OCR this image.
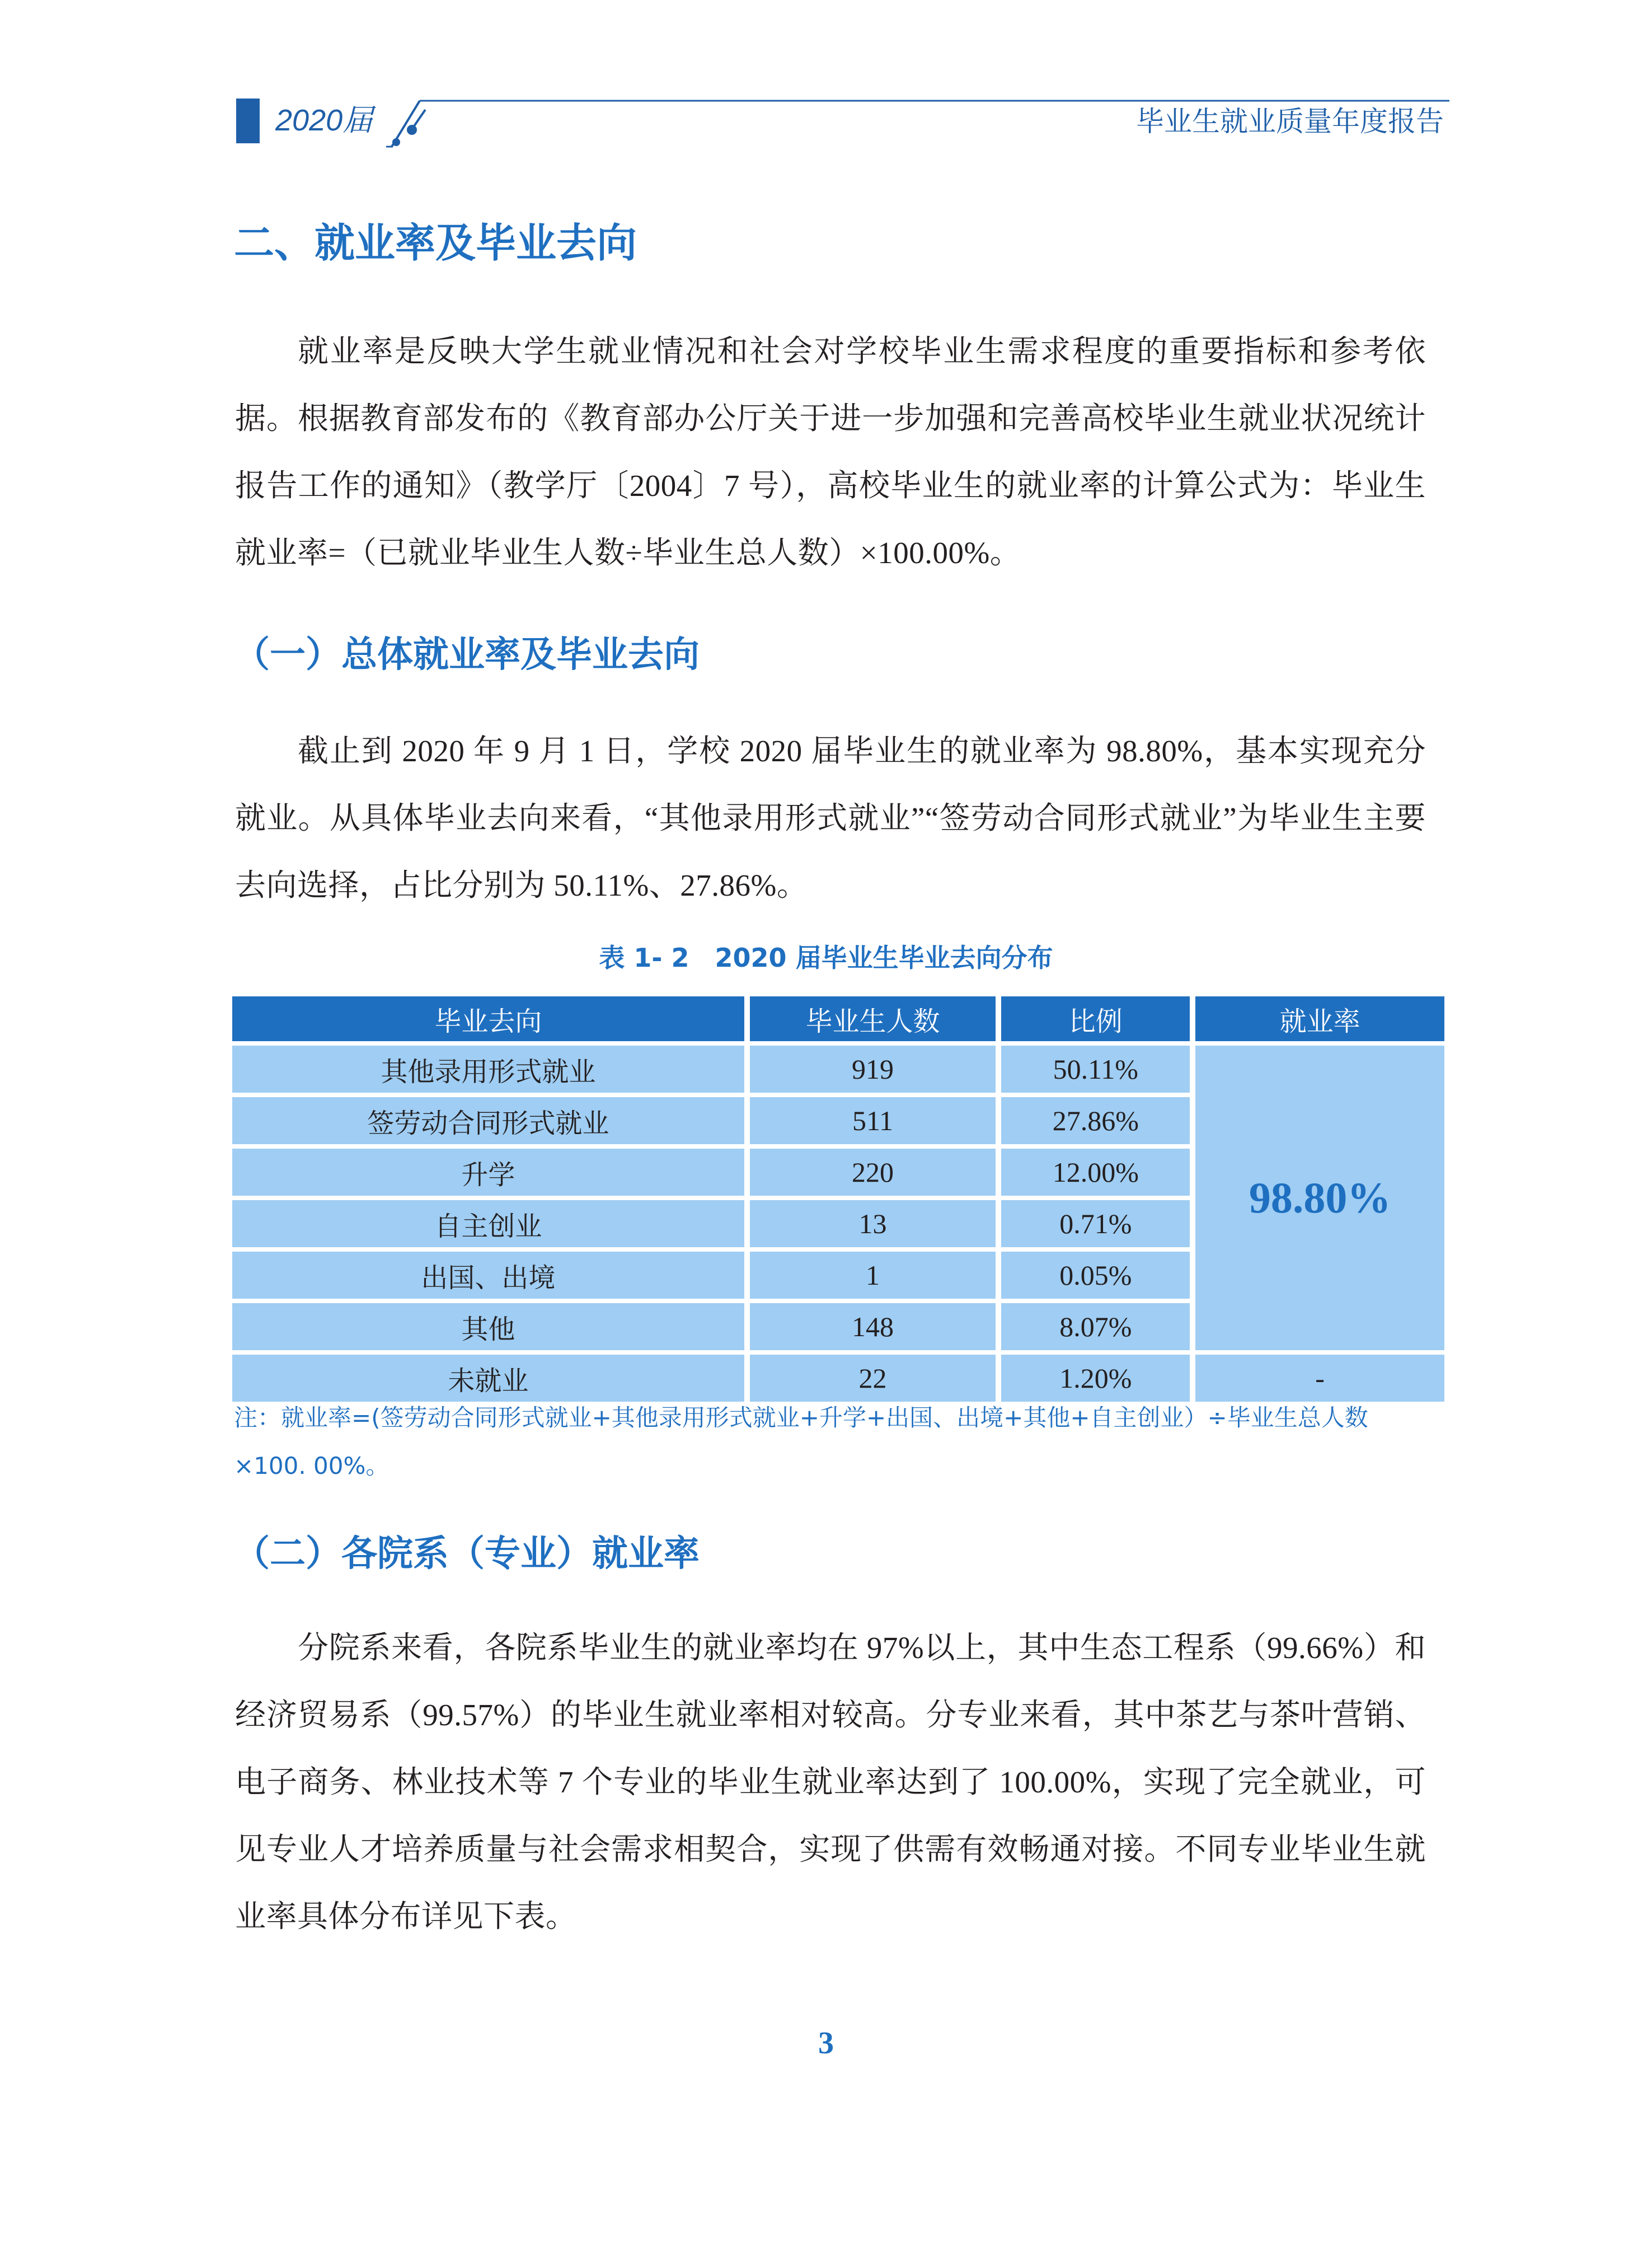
2020届	毕业生就业质量年度报告
二、就业率及毕业去向

就业率是反映大学生就业情况和社会对学校毕业生需求程度的重要指标和参考依据。根据教育部发布的《教育部办公厅关于进一步加强和完善高校毕业生就业状况统计报告工作的通知》（教学厅〔2004〕7 号），高校毕业生的就业率的计算公式为：毕业生就业率=（已就业毕业生人数÷毕业生总人数）×100.00%。

（一）总体就业率及毕业去向

截止到 2020 年 9 月 1 日，学校 2020 届毕业生的就业率为 98.80%，基本实现充分就业。从具体毕业去向来看，“其他录用形式就业”“签劳动合同形式就业”为毕业生主要去向选择，占比分别为 50.11%、27.86%。

表 1- 2　2020 届毕业生毕业去向分布
毕业去向	毕业生人数	比例	就业率
其他录用形式就业	919	50.11%	98.80%
签劳动合同形式就业	511	27.86%	
升学	220	12.00%	
自主创业	13	0.71%	
出国、出境	1	0.05%	
其他	148	8.07%	
未就业	22	1.20%	-

注：就业率=(签劳动合同形式就业+其他录用形式就业+升学+出国、出境+其他+自主创业）÷毕业生总人数×100. 00%。

（二）各院系（专业）就业率

分院系来看，各院系毕业生的就业率均在 97%以上，其中生态工程系（99.66%）和经济贸易系（99.57%）的毕业生就业率相对较高。分专业来看，其中茶艺与茶叶营销、电子商务、林业技术等 7 个专业的毕业生就业率达到了 100.00%，实现了完全就业，可见专业人才培养质量与社会需求相契合，实现了供需有效畅通对接。不同专业毕业生就业率具体分布详见下表。

3
